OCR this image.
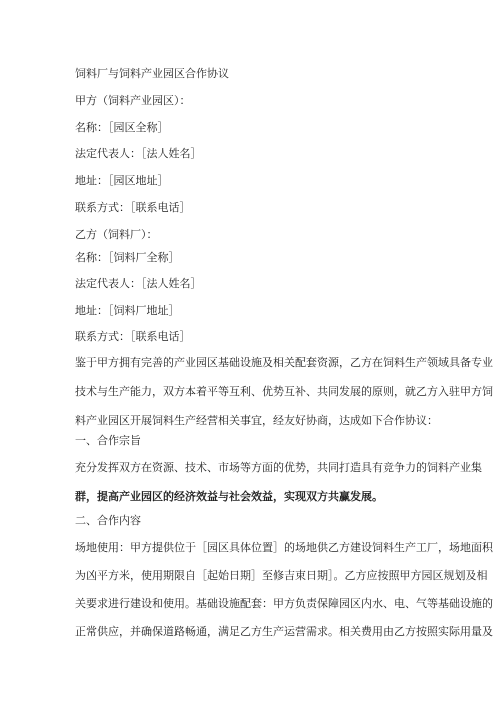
饲料厂与饲料产业园区合作协议
甲方（饲料产业园区）：
名称：［园区全称］
法定代表人：［法人姓名］
地址：［园区地址］
联系方式：［联系电话］
乙方（饲料厂）：
名称：［饲料厂全称］
法定代表人：［法人姓名］
地址：［饲料厂地址］
联系方式：［联系电话］
鉴于甲方拥有完善的产业园区基础设施及相关配套资源，乙方在饲料生产领域具备专业
技术与生产能力，双方本着平等互利、优势互补、共同发展的原则，就乙方入驻甲方饲
料产业园区开展饲料生产经营相关事宜，经友好协商，达成如下合作协议：
一、合作宗旨
充分发挥双方在资源、技术、市场等方面的优势，共同打造具有竞争力的饲料产业集
群，提高产业园区的经济效益与社会效益，实现双方共赢发展。
二、合作内容
场地使用：甲方提供位于［园区具体位置］的场地供乙方建设饲料生产工厂，场地面积
为凶平方米，使用期限自［起始日期］至修吉束日期］。乙方应按照甲方园区规划及相
关要求进行建设和使用。基础设施配套：甲方负责保障园区内水、电、气等基础设施的
正常供应，并确保道路畅通，满足乙方生产运营需求。相关费用由乙方按照实际用量及
